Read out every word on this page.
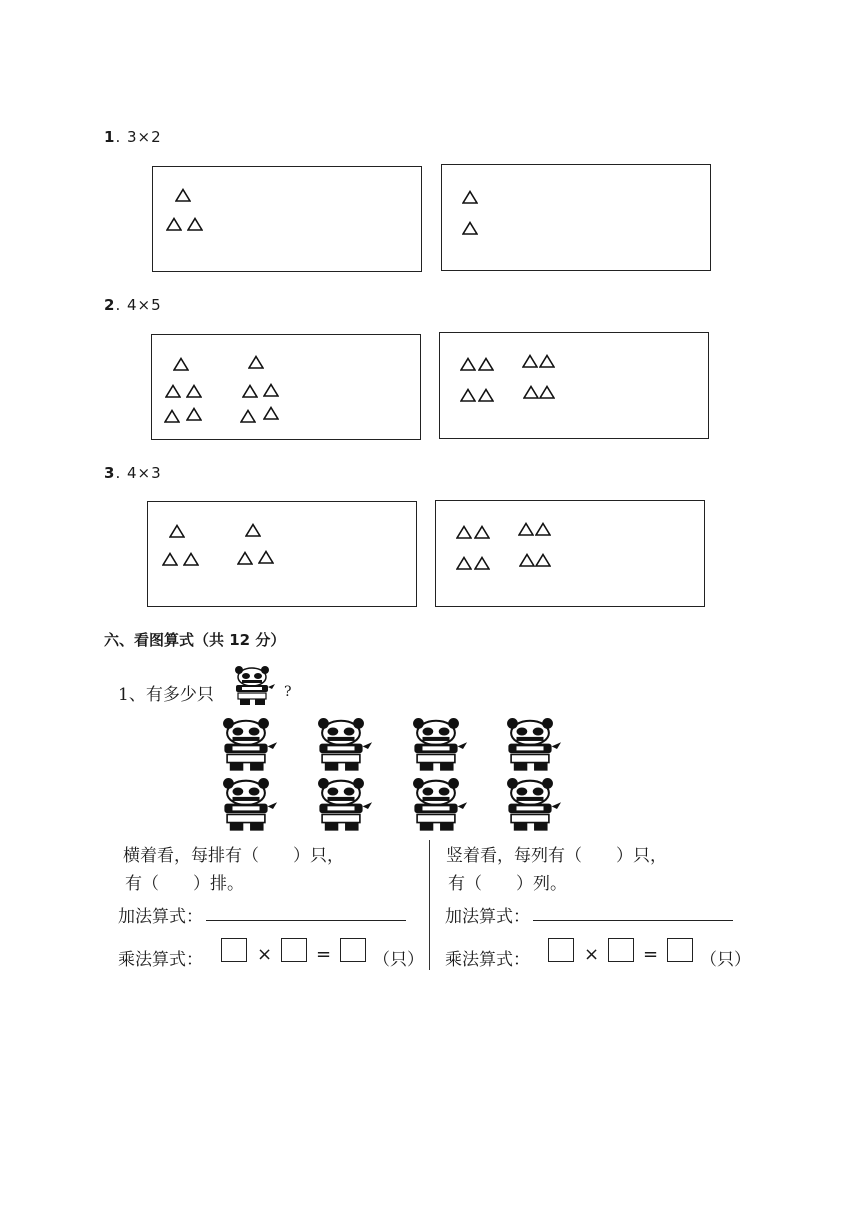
1. 3×2
2. 4×5
3. 4×3
六、看图算式（共 12 分）
1、有多少只	?
横着看，每排有（　　）只，
有（　　）排。
加法算式：
乘法算式：	× = （只）
竖着看，每列有（　　）只，
有（　　）列。
加法算式：
乘法算式：	× = （只）
